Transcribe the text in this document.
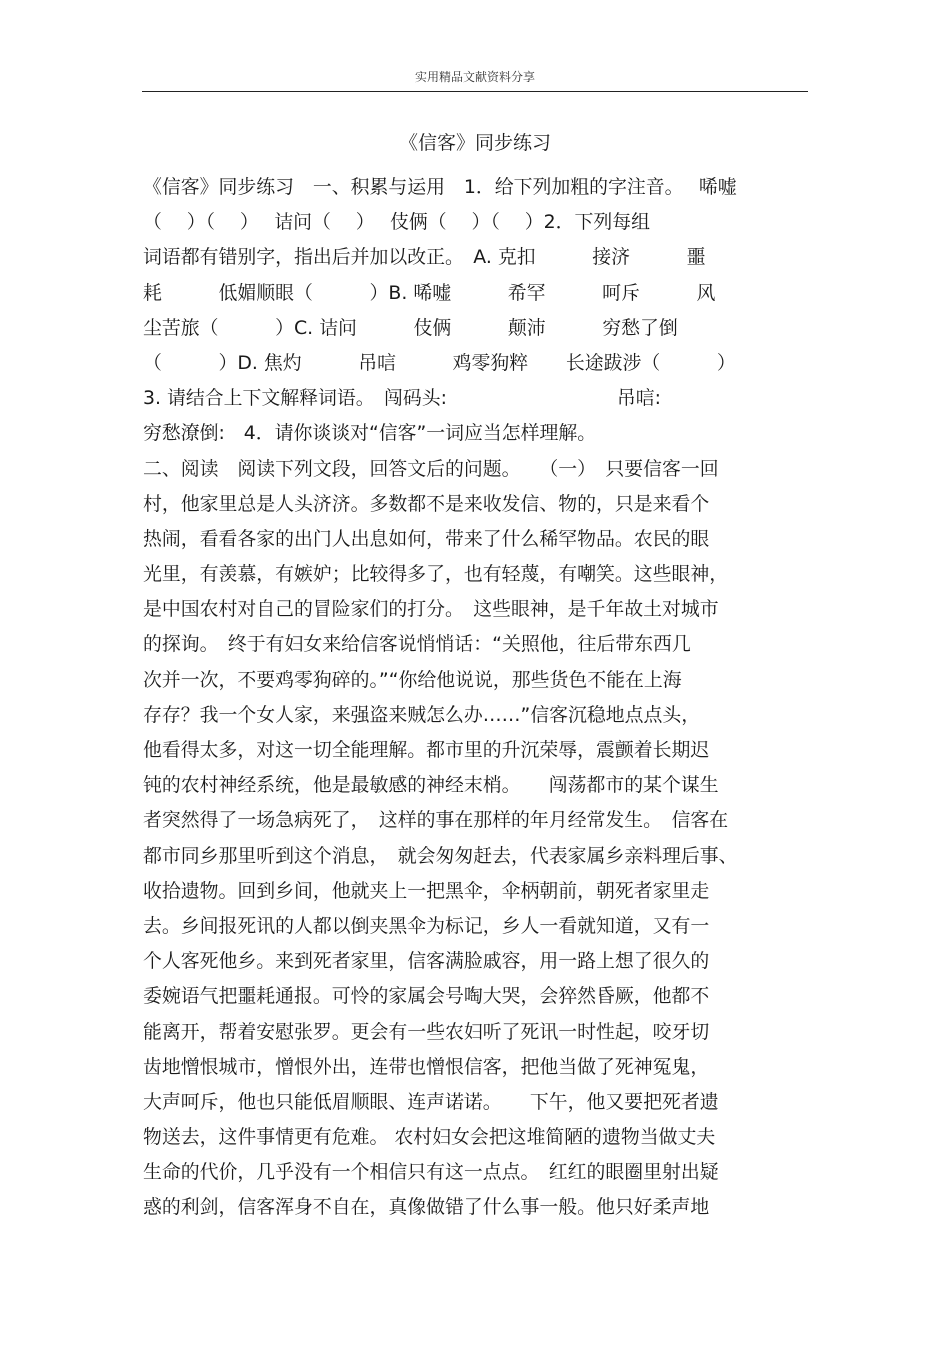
实用精品文献资料分享
《信客》同步练习
《信客》同步练习　一、积累与运用　1．给下列加粗的字注音。　 唏嘘
（　 ）（　 ）　 诘问（　 ）　 伎俩（　 ）（　 ）2．下列每组
词语都有错别字，指出后并加以改正。　A. 克扣　　　接济　　　噩
耗　　　低媚顺眼（　　　）B. 唏嘘　　　希罕　　　呵斥　　　风
尘苦旅（　　　）C. 诘问　　　伎俩　　　颠沛　　　穷愁了倒
（　　　）D. 焦灼　　　吊唁　　　鸡零狗粹　　长途跋涉（　　　）
3. 请结合上下文解释词语。　闯码头:　　　　　　　　　吊唁:
穷愁潦倒:　4．请你谈谈对“信客”一词应当怎样理解。
二、阅读　阅读下列文段，回答文后的问题。　　（一）　只要信客一回
村，他家里总是人头济济。多数都不是来收发信、物的，只是来看个
热闹，看看各家的出门人出息如何，带来了什么稀罕物品。农民的眼
光里，有羡慕，有嫉妒；比较得多了，也有轻蔑，有嘲笑。这些眼神，
是中国农村对自己的冒险家们的打分。　这些眼神，是千年故土对城市
的探询。　终于有妇女来给信客说悄悄话：“关照他，往后带东西几
次并一次，不要鸡零狗碎的。”“你给他说说，那些货色不能在上海
存存？我一个女人家，来强盗来贼怎么办……”信客沉稳地点点头，
他看得太多，对这一切全能理解。都市里的升沉荣辱，震颤着长期迟
钝的农村神经系统，他是最敏感的神经末梢。　　闯荡都市的某个谋生
者突然得了一场急病死了，　这样的事在那样的年月经常发生。　信客在
都市同乡那里听到这个消息，　就会匆匆赶去，代表家属乡亲料理后事、
收拾遗物。回到乡间，他就夹上一把黑伞，伞柄朝前，朝死者家里走
去。乡间报死讯的人都以倒夹黑伞为标记，乡人一看就知道，又有一
个人客死他乡。来到死者家里，信客满脸戚容，用一路上想了很久的
委婉语气把噩耗通报。可怜的家属会号啕大哭，会猝然昏厥，他都不
能离开，帮着安慰张罗。更会有一些农妇听了死讯一时性起，咬牙切
齿地憎恨城市，憎恨外出，连带也憎恨信客，把他当做了死神冤鬼，
大声呵斥，他也只能低眉顺眼、连声诺诺。　　下午，他又要把死者遗
物送去，这件事情更有危难。 农村妇女会把这堆简陋的遗物当做丈夫
生命的代价，几乎没有一个相信只有这一点点。　红红的眼圈里射出疑
惑的利剑，信客浑身不自在，真像做错了什么事一般。他只好柔声地
